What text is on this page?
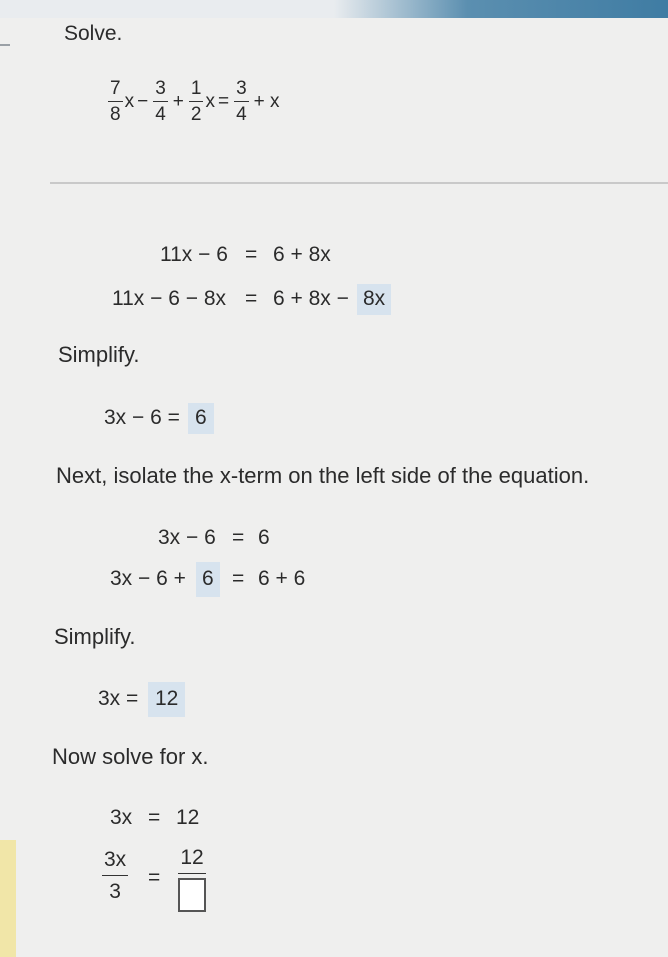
Solve.
$\frac{7}{8}$ $x - \frac{3}{4} + \frac{1}{2}$ $x = \frac{3}{4} + x$
11x − 6 = 6 + 8x
11x − 6 − 8x = 6 + 8x − 8x
Simplify.
3x − 6 = 6
Next, isolate the x-term on the left side of the equation.
3x − 6 = 6
3x − 6 + 6 = 6 + 6
Simplify.
3x = 12
Now solve for x.
3x = 12
$\frac{3x}{3}$ =
12
